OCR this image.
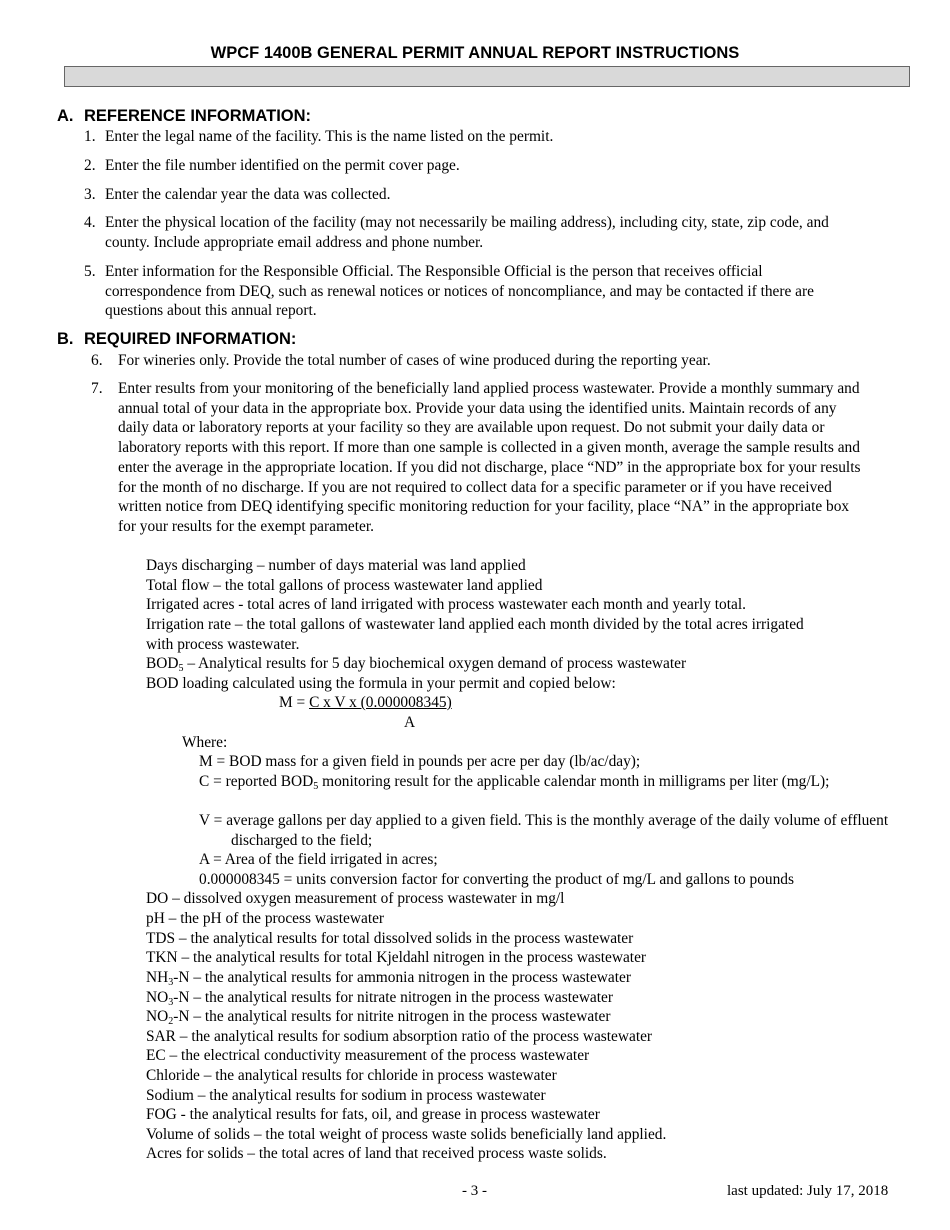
WPCF 1400B GENERAL PERMIT ANNUAL REPORT INSTRUCTIONS
A. REFERENCE INFORMATION:
1. Enter the legal name of the facility. This is the name listed on the permit.
2. Enter the file number identified on the permit cover page.
3. Enter the calendar year the data was collected.
4. Enter the physical location of the facility (may not necessarily be mailing address), including city, state, zip code, and county. Include appropriate email address and phone number.
5. Enter information for the Responsible Official. The Responsible Official is the person that receives official correspondence from DEQ, such as renewal notices or notices of noncompliance, and may be contacted if there are questions about this annual report.
B. REQUIRED INFORMATION:
6.	For wineries only. Provide the total number of cases of wine produced during the reporting year.
7.	Enter results from your monitoring of the beneficially land applied process wastewater. Provide a monthly summary and annual total of your data in the appropriate box. Provide your data using the identified units. Maintain records of any daily data or laboratory reports at your facility so they are available upon request. Do not submit your daily data or laboratory reports with this report. If more than one sample is collected in a given month, average the sample results and enter the average in the appropriate location. If you did not discharge, place “ND” in the appropriate box for your results for the month of no discharge. If you are not required to collect data for a specific parameter or if you have received written notice from DEQ identifying specific monitoring reduction for your facility, place “NA” in the appropriate box for your results for the exempt parameter.
Days discharging – number of days material was land applied
Total flow – the total gallons of process wastewater land applied
Irrigated acres - total acres of land irrigated with process wastewater each month and yearly total.
Irrigation rate – the total gallons of wastewater land applied each month divided by the total acres irrigated with process wastewater.
$BOD_5$ – Analytical results for 5 day biochemical oxygen demand of process wastewater
BOD loading calculated using the formula in your permit and copied below:
M = C x V x (0.000008345)
A
Where:
M = BOD mass for a given field in pounds per acre per day (lb/ac/day);
C = reported $BOD_5$ monitoring result for the applicable calendar month in milligrams per liter (mg/L);
V = average gallons per day applied to a given field. This is the monthly average of the daily volume of effluent discharged to the field;
A = Area of the field irrigated in acres;
0.000008345 = units conversion factor for converting the product of mg/L and gallons to pounds
DO – dissolved oxygen measurement of process wastewater in mg/l
pH – the pH of the process wastewater
TDS – the analytical results for total dissolved solids in the process wastewater
TKN – the analytical results for total Kjeldahl nitrogen in the process wastewater
$NH_3-N$ – the analytical results for ammonia nitrogen in the process wastewater
$NO_3-N$ – the analytical results for nitrate nitrogen in the process wastewater
$NO_2-N$ – the analytical results for nitrite nitrogen in the process wastewater
SAR – the analytical results for sodium absorption ratio of the process wastewater
EC – the electrical conductivity measurement of the process wastewater
Chloride – the analytical results for chloride in process wastewater
Sodium – the analytical results for sodium in process wastewater
FOG - the analytical results for fats, oil, and grease in process wastewater
Volume of solids – the total weight of process waste solids beneficially land applied.
Acres for solids – the total acres of land that received process waste solids.
- 3 -	last updated: July 17, 2018
